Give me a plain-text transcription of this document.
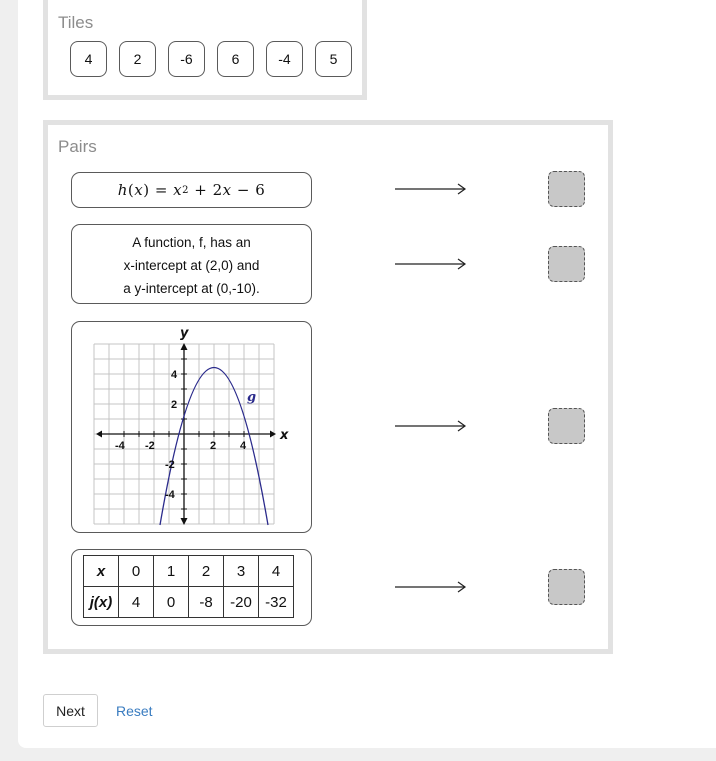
Tiles
4	2	-6	6	-4	5
Pairs
h ( x ) = x 2 + 2 x − 6
A function, f, has an
x-intercept at (2,0) and
a y-intercept at (0,-10).
x
y
g
-4 -2	2 4
4
2
-2
-4
x	0	1	2	3	4
j(x)	4	0	-8	-20	-32
Next	Reset
